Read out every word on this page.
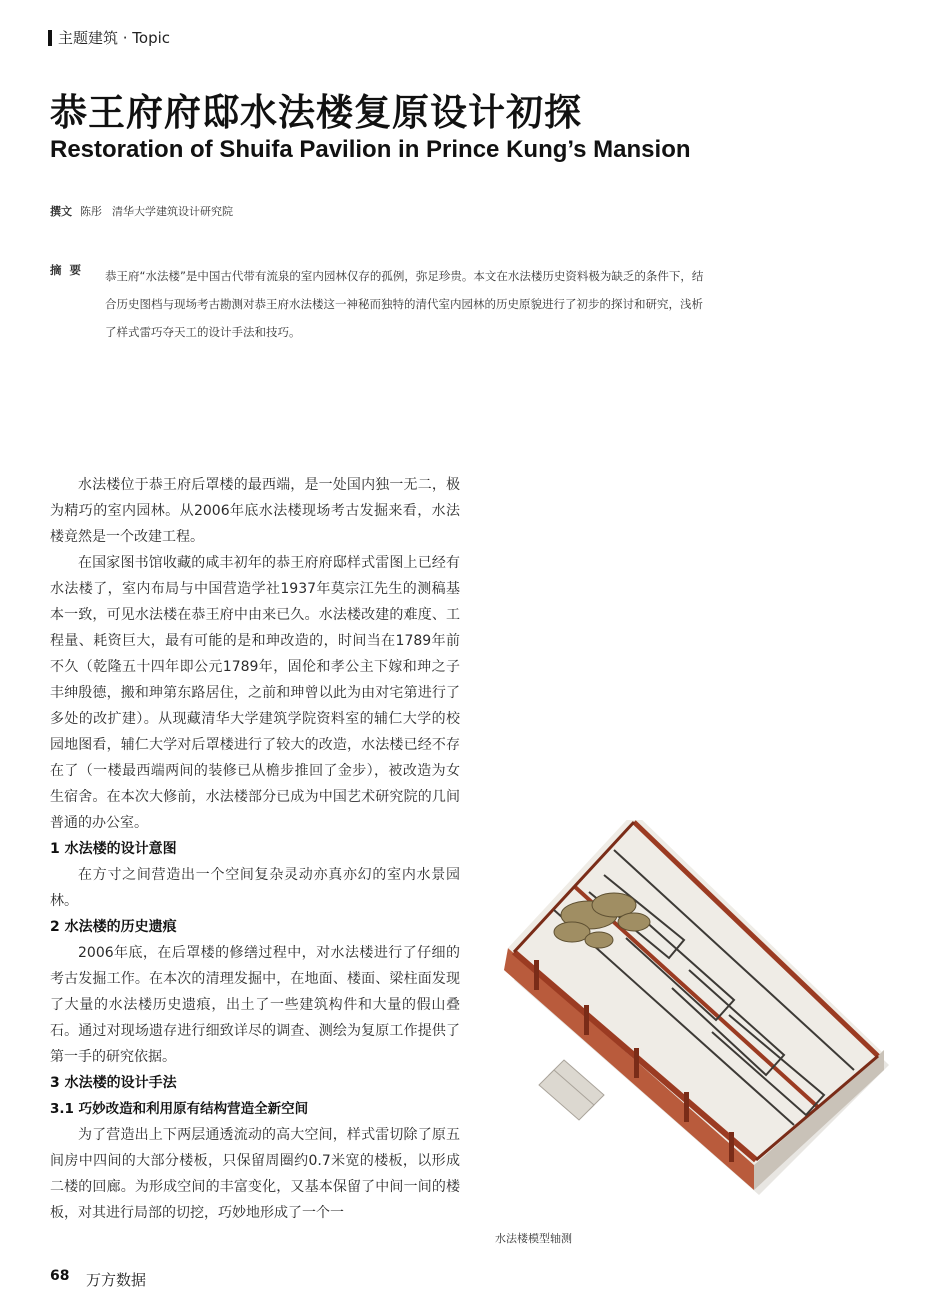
主题建筑 · Topic
恭王府府邸水法楼复原设计初探
Restoration of Shuifa Pavilion in Prince Kung’s Mansion
撰文 陈彤 清华大学建筑设计研究院
摘要 恭王府“水法楼”是中国古代带有流泉的室内园林仅存的孤例，弥足珍贵。本文在水法楼历史资料极为缺乏的条件下，结合历史图档与现场考古勘测对恭王府水法楼这一神秘而独特的清代室内园林的历史原貌进行了初步的探讨和研究，浅析了样式雷巧夺天工的设计手法和技巧。

水法楼位于恭王府后罩楼的最西端，是一处国内独一无二，极为精巧的室内园林。从2006年底水法楼现场考古发掘来看，水法楼竟然是一个改建工程。

在国家图书馆收藏的咸丰初年的恭王府府邸样式雷图上已经有水法楼了，室内布局与中国营造学社1937年莫宗江先生的测稿基本一致，可见水法楼在恭王府中由来已久。水法楼改建的难度、工程量、耗资巨大，最有可能的是和珅改造的，时间当在1789年前不久（乾隆五十四年即公元1789年，固伦和孝公主下嫁和珅之子丰绅殷德，搬和珅第东路居住，之前和珅曾以此为由对宅第进行了多处的改扩建）。从现藏清华大学建筑学院资料室的辅仁大学的校园地图看，辅仁大学对后罩楼进行了较大的改造，水法楼已经不存在了（一楼最西端两间的装修已从檐步推回了金步），被改造为女生宿舍。在本次大修前，水法楼部分已成为中国艺术研究院的几间普通的办公室。

1 水法楼的设计意图

在方寸之间营造出一个空间复杂灵动亦真亦幻的室内水景园林。

2 水法楼的历史遗痕

2006年底，在后罩楼的修缮过程中，对水法楼进行了仔细的考古发掘工作。在本次的清理发掘中，在地面、楼面、梁柱面发现了大量的水法楼历史遗痕，出土了一些建筑构件和大量的假山叠石。通过对现场遗存进行细致详尽的调查、测绘为复原工作提供了第一手的研究依据。

3 水法楼的设计手法

3.1 巧妙改造和利用原有结构营造全新空间

为了营造出上下两层通透流动的高大空间，样式雷切除了原五间房中四间的大部分楼板，只保留周圈约0.7米宽的楼板，以形成二楼的回廊。为形成空间的丰富变化，又基本保留了中间一间的楼板，对其进行局部的切挖，巧妙地形成了一个一

水法楼模型轴测
68 万方数据
